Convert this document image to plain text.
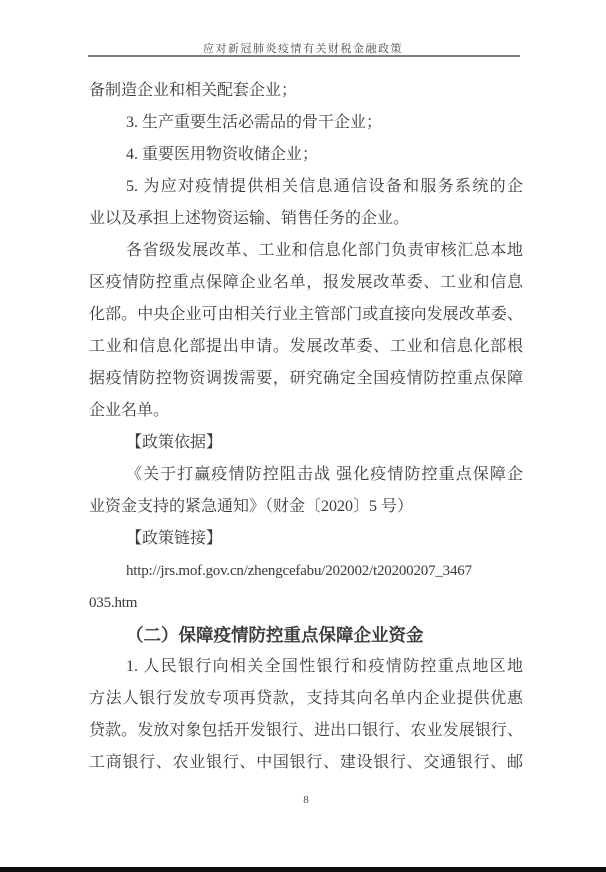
应对新冠肺炎疫情有关财税金融政策
备制造企业和相关配套企业；
3. 生产重要生活必需品的骨干企业；
4. 重要医用物资收储企业；
5. 为应对疫情提供相关信息通信设备和服务系统的企
业以及承担上述物资运输、销售任务的企业。
各省级发展改革、工业和信息化部门负责审核汇总本地
区疫情防控重点保障企业名单，报发展改革委、工业和信息
化部。中央企业可由相关行业主管部门或直接向发展改革委、
工业和信息化部提出申请。发展改革委、工业和信息化部根
据疫情防控物资调拨需要，研究确定全国疫情防控重点保障
企业名单。
【政策依据】
《关于打赢疫情防控阻击战 强化疫情防控重点保障企
业资金支持的紧急通知》（财金〔2020〕5 号）
【政策链接】
http://jrs.mof.gov.cn/zhengcefabu/202002/t20200207_3467
035.htm
（二）保障疫情防控重点保障企业资金
1. 人民银行向相关全国性银行和疫情防控重点地区地
方法人银行发放专项再贷款，支持其向名单内企业提供优惠
贷款。发放对象包括开发银行、进出口银行、农业发展银行、
工商银行、农业银行、中国银行、建设银行、交通银行、邮
8
